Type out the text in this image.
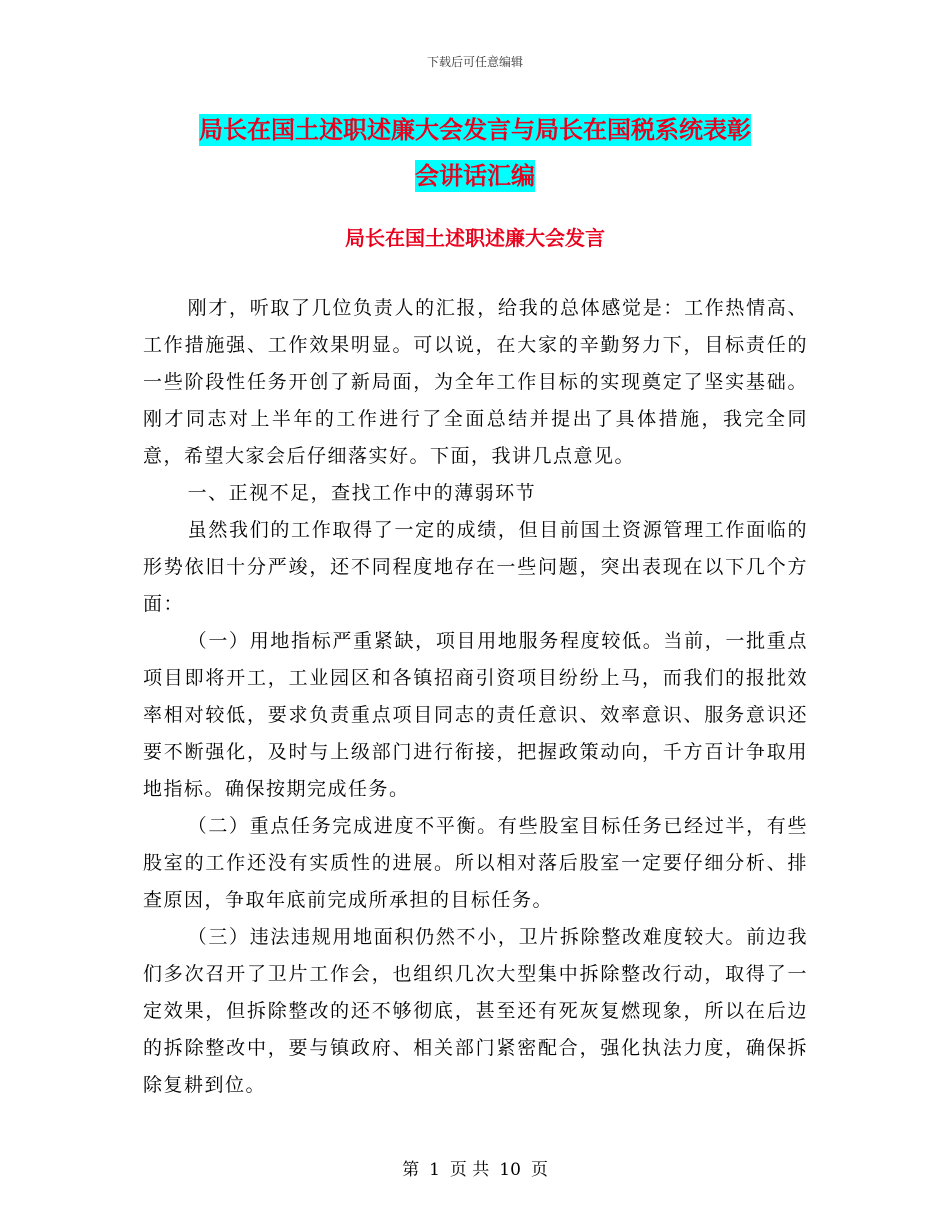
下载后可任意编辑
局长在国土述职述廉大会发言与局长在国税系统表彰
会讲话汇编
局长在国土述职述廉大会发言

刚才，听取了几位负责人的汇报，给我的总体感觉是：工作热情高、工作措施强、工作效果明显。可以说，在大家的辛勤努力下，目标责任的一些阶段性任务开创了新局面，为全年工作目标的实现奠定了坚实基础。刚才同志对上半年的工作进行了全面总结并提出了具体措施，我完全同意，希望大家会后仔细落实好。下面，我讲几点意见。

一、正视不足，查找工作中的薄弱环节

虽然我们的工作取得了一定的成绩，但目前国土资源管理工作面临的形势依旧十分严竣，还不同程度地存在一些问题，突出表现在以下几个方面：

（一）用地指标严重紧缺，项目用地服务程度较低。当前，一批重点项目即将开工，工业园区和各镇招商引资项目纷纷上马，而我们的报批效率相对较低，要求负责重点项目同志的责任意识、效率意识、服务意识还要不断强化，及时与上级部门进行衔接，把握政策动向，千方百计争取用地指标。确保按期完成任务。

（二）重点任务完成进度不平衡。有些股室目标任务已经过半，有些股室的工作还没有实质性的进展。所以相对落后股室一定要仔细分析、排查原因，争取年底前完成所承担的目标任务。

（三）违法违规用地面积仍然不小，卫片拆除整改难度较大。前边我们多次召开了卫片工作会，也组织几次大型集中拆除整改行动，取得了一定效果，但拆除整改的还不够彻底，甚至还有死灰复燃现象，所以在后边的拆除整改中，要与镇政府、相关部门紧密配合，强化执法力度，确保拆除复耕到位。

第 1 页 共 10 页
